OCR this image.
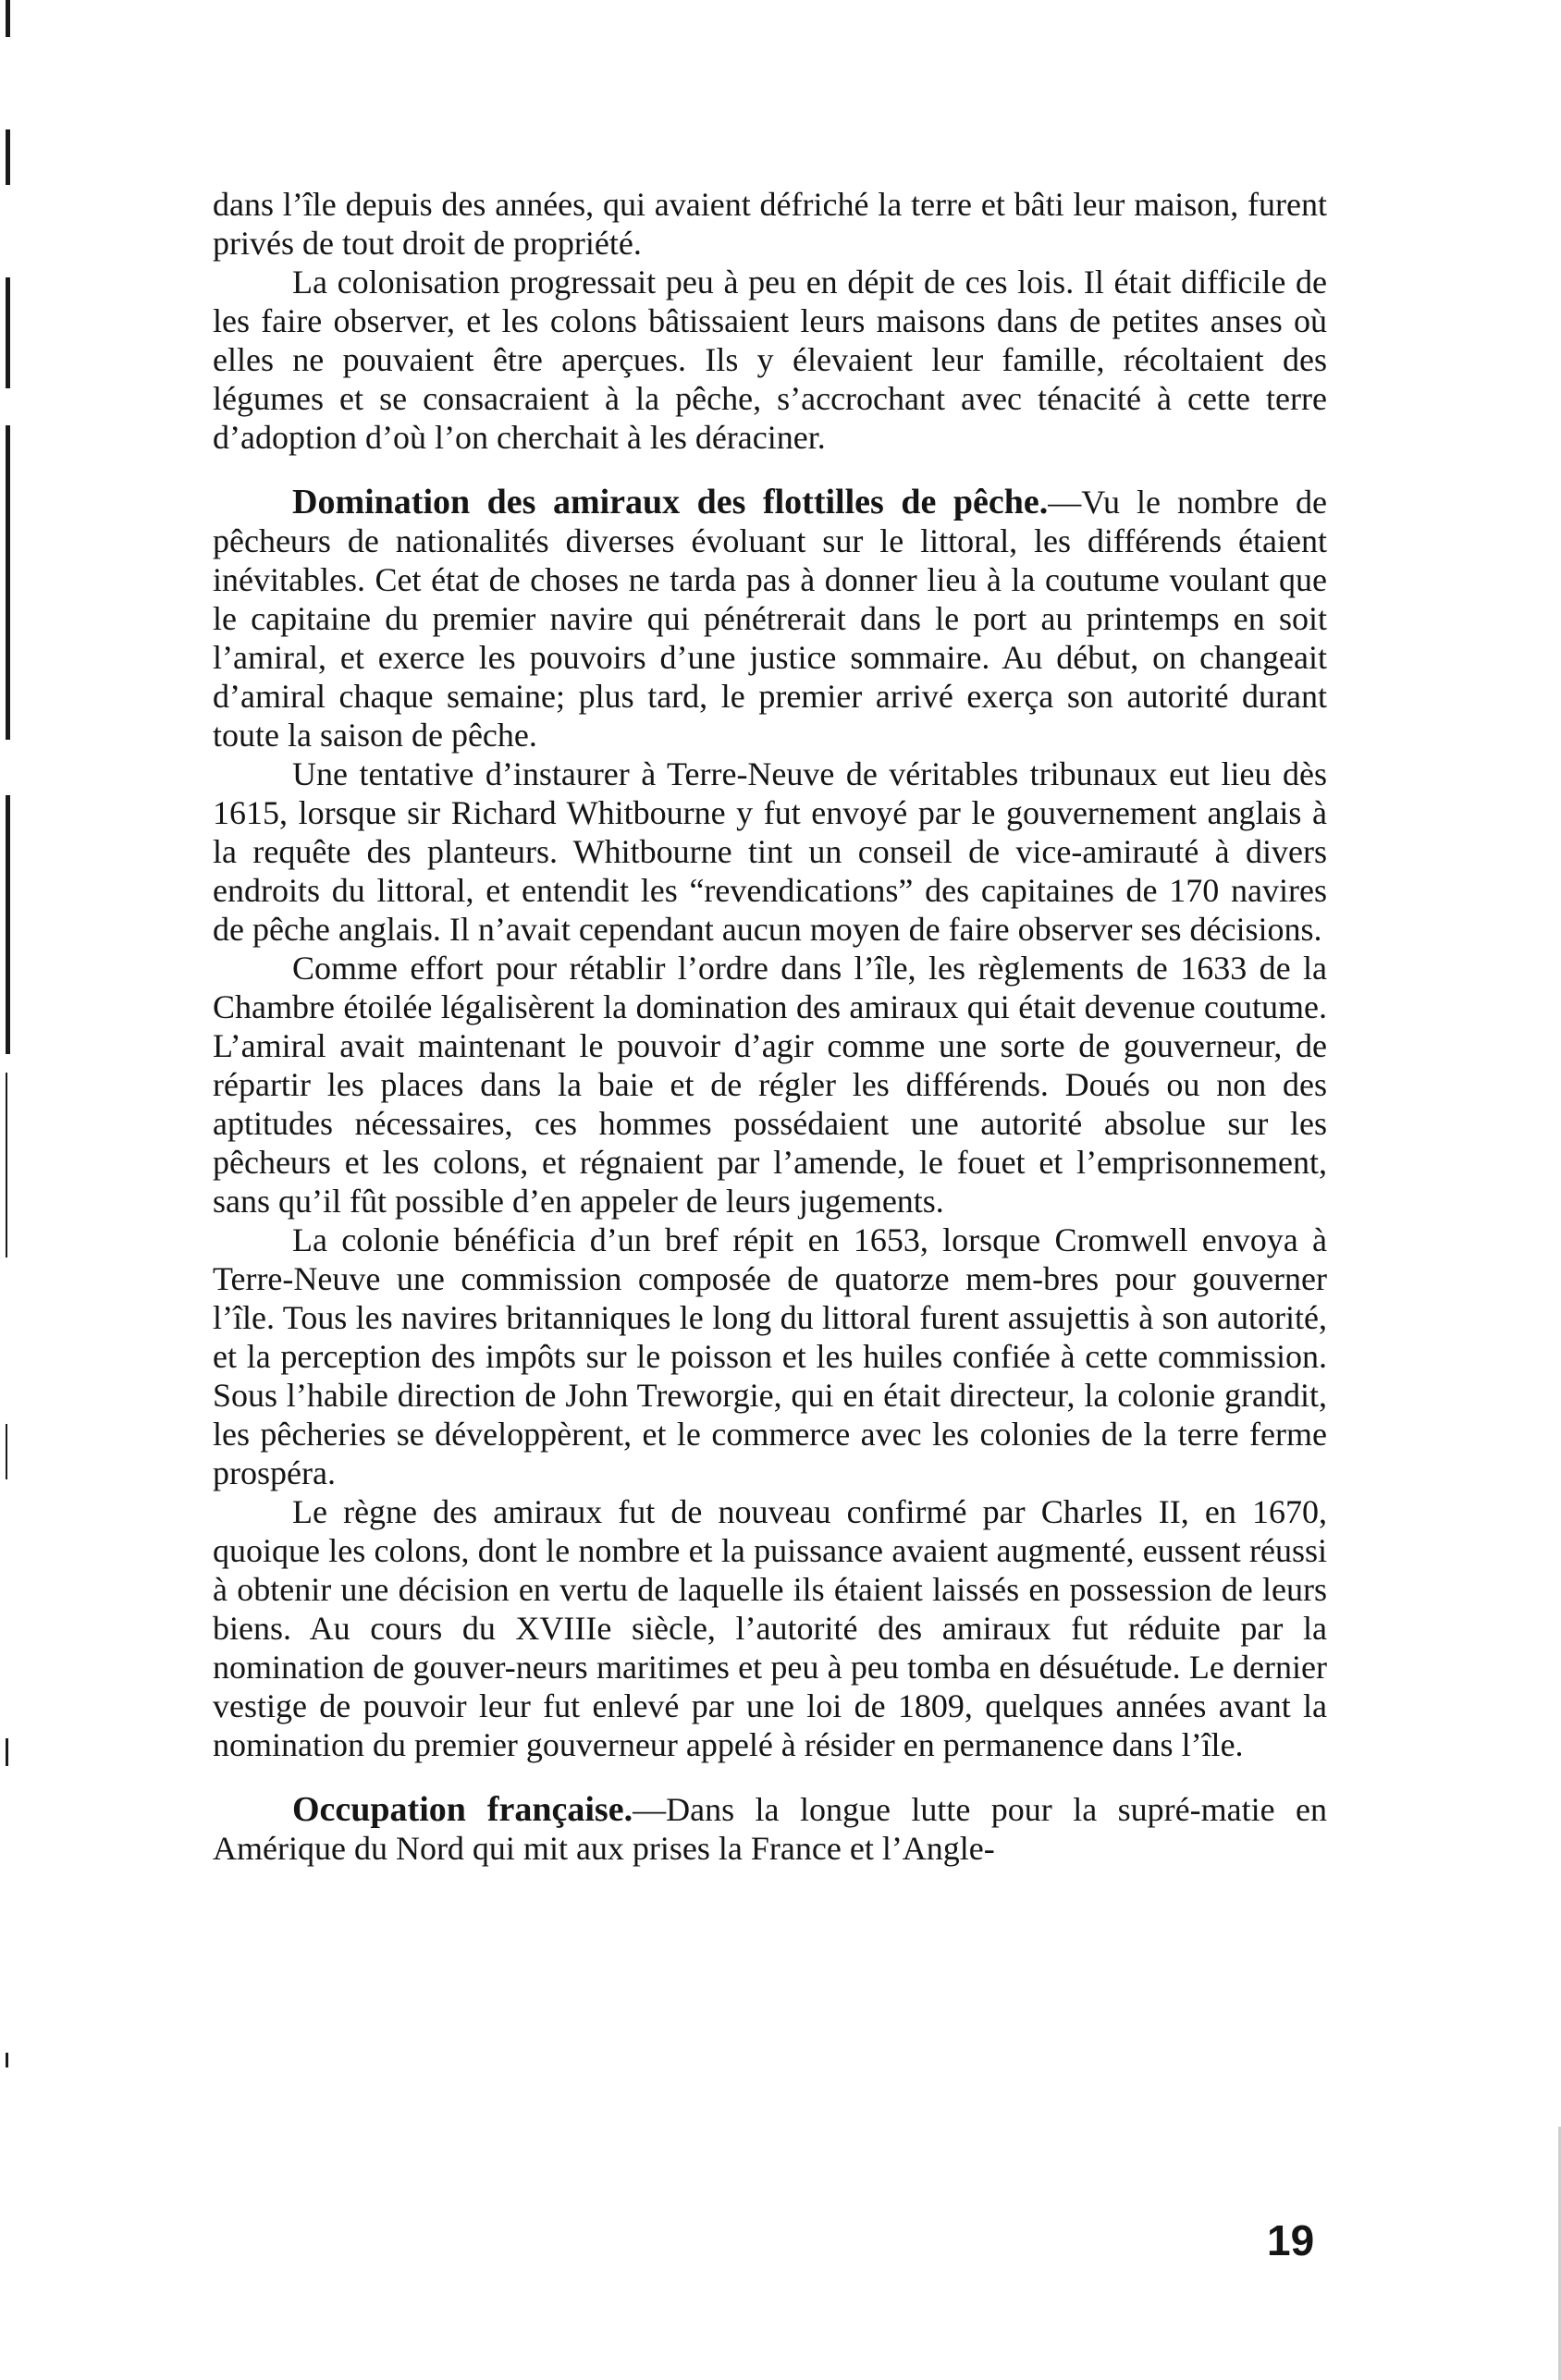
dans l’île depuis des années, qui avaient défriché la terre et bâti leur maison, furent privés de tout droit de propriété.

La colonisation progressait peu à peu en dépit de ces lois. Il était difficile de les faire observer, et les colons bâtissaient leurs maisons dans de petites anses où elles ne pouvaient être aperçues. Ils y élevaient leur famille, récoltaient des légumes et se consacraient à la pêche, s’accrochant avec ténacité à cette terre d’adoption d’où l’on cherchait à les déraciner.

Domination des amiraux des flottilles de pêche.—Vu le nombre de pêcheurs de nationalités diverses évoluant sur le littoral, les différends étaient inévitables. Cet état de choses ne tarda pas à donner lieu à la coutume voulant que le capitaine du premier navire qui pénétrerait dans le port au printemps en soit l’amiral, et exerce les pouvoirs d’une justice sommaire. Au début, on changeait d’amiral chaque semaine; plus tard, le premier arrivé exerça son autorité durant toute la saison de pêche.

Une tentative d’instaurer à Terre-Neuve de véritables tribunaux eut lieu dès 1615, lorsque sir Richard Whitbourne y fut envoyé par le gouvernement anglais à la requête des planteurs. Whitbourne tint un conseil de vice-amirauté à divers endroits du littoral, et entendit les “revendications” des capitaines de 170 navires de pêche anglais. Il n’avait cependant aucun moyen de faire observer ses décisions.

Comme effort pour rétablir l’ordre dans l’île, les règlements de 1633 de la Chambre étoilée légalisèrent la domination des amiraux qui était devenue coutume. L’amiral avait maintenant le pouvoir d’agir comme une sorte de gouverneur, de répartir les places dans la baie et de régler les différends. Doués ou non des aptitudes nécessaires, ces hommes possédaient une autorité absolue sur les pêcheurs et les colons, et régnaient par l’amende, le fouet et l’emprisonnement, sans qu’il fût possible d’en appeler de leurs jugements.

La colonie bénéficia d’un bref répit en 1653, lorsque Cromwell envoya à Terre-Neuve une commission composée de quatorze mem-bres pour gouverner l’île. Tous les navires britanniques le long du littoral furent assujettis à son autorité, et la perception des impôts sur le poisson et les huiles confiée à cette commission. Sous l’habile direction de John Treworgie, qui en était directeur, la colonie grandit, les pêcheries se développèrent, et le commerce avec les colonies de la terre ferme prospéra.

Le règne des amiraux fut de nouveau confirmé par Charles II, en 1670, quoique les colons, dont le nombre et la puissance avaient augmenté, eussent réussi à obtenir une décision en vertu de laquelle ils étaient laissés en possession de leurs biens. Au cours du XVIIIe siècle, l’autorité des amiraux fut réduite par la nomination de gouver-neurs maritimes et peu à peu tomba en désuétude. Le dernier vestige de pouvoir leur fut enlevé par une loi de 1809, quelques années avant la nomination du premier gouverneur appelé à résider en permanence dans l’île.

Occupation française.—Dans la longue lutte pour la supré-matie en Amérique du Nord qui mit aux prises la France et l’Angle-

19
